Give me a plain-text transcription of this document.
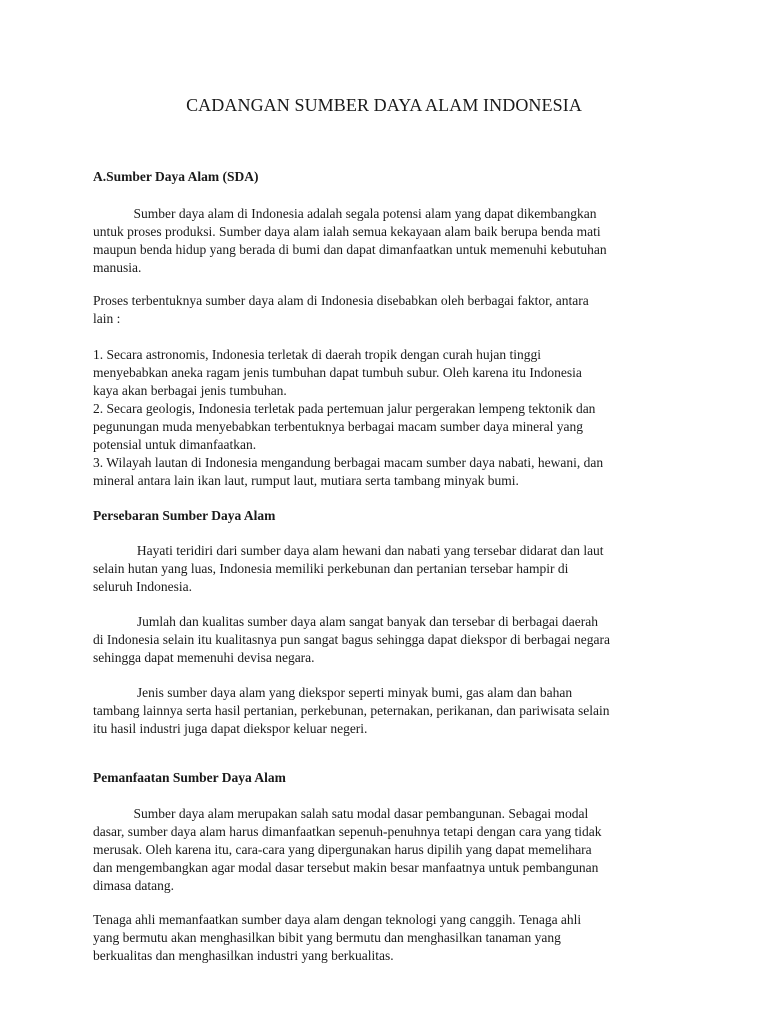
CADANGAN SUMBER DAYA ALAM INDONESIA
A.Sumber Daya Alam (SDA)

Sumber daya alam di Indonesia adalah segala potensi alam yang dapat dikembangkan
untuk proses produksi. Sumber daya alam ialah semua kekayaan alam baik berupa benda mati
maupun benda hidup yang berada di bumi dan dapat dimanfaatkan untuk memenuhi kebutuhan
manusia.

Proses terbentuknya sumber daya alam di Indonesia disebabkan oleh berbagai faktor, antara
lain :

1. Secara astronomis, Indonesia terletak di daerah tropik dengan curah hujan tinggi
menyebabkan aneka ragam jenis tumbuhan dapat tumbuh subur. Oleh karena itu Indonesia
kaya akan berbagai jenis tumbuhan.
2. Secara geologis, Indonesia terletak pada pertemuan jalur pergerakan lempeng tektonik dan
pegunungan muda menyebabkan terbentuknya berbagai macam sumber daya mineral yang
potensial untuk dimanfaatkan.
3. Wilayah lautan di Indonesia mengandung berbagai macam sumber daya nabati, hewani, dan
mineral antara lain ikan laut, rumput laut, mutiara serta tambang minyak bumi.

Persebaran Sumber Daya Alam

Hayati teridiri dari sumber daya alam hewani dan nabati yang tersebar didarat dan laut
selain hutan yang luas, Indonesia memiliki perkebunan dan pertanian tersebar hampir di
seluruh Indonesia.

Jumlah dan kualitas sumber daya alam sangat banyak dan tersebar di berbagai daerah
di Indonesia selain itu kualitasnya pun sangat bagus sehingga dapat diekspor di berbagai negara
sehingga dapat memenuhi devisa negara.

Jenis sumber daya alam yang diekspor seperti minyak bumi, gas alam dan bahan
tambang lainnya serta hasil pertanian, perkebunan, peternakan, perikanan, dan pariwisata selain
itu hasil industri juga dapat diekspor keluar negeri.

Pemanfaatan Sumber Daya Alam

Sumber daya alam merupakan salah satu modal dasar pembangunan. Sebagai modal
dasar, sumber daya alam harus dimanfaatkan sepenuh-penuhnya tetapi dengan cara yang tidak
merusak. Oleh karena itu, cara-cara yang dipergunakan harus dipilih yang dapat memelihara
dan mengembangkan agar modal dasar tersebut makin besar manfaatnya untuk pembangunan
dimasa datang.

Tenaga ahli memanfaatkan sumber daya alam dengan teknologi yang canggih. Tenaga ahli
yang bermutu akan menghasilkan bibit yang bermutu dan menghasilkan tanaman yang
berkualitas dan menghasilkan industri yang berkualitas.
